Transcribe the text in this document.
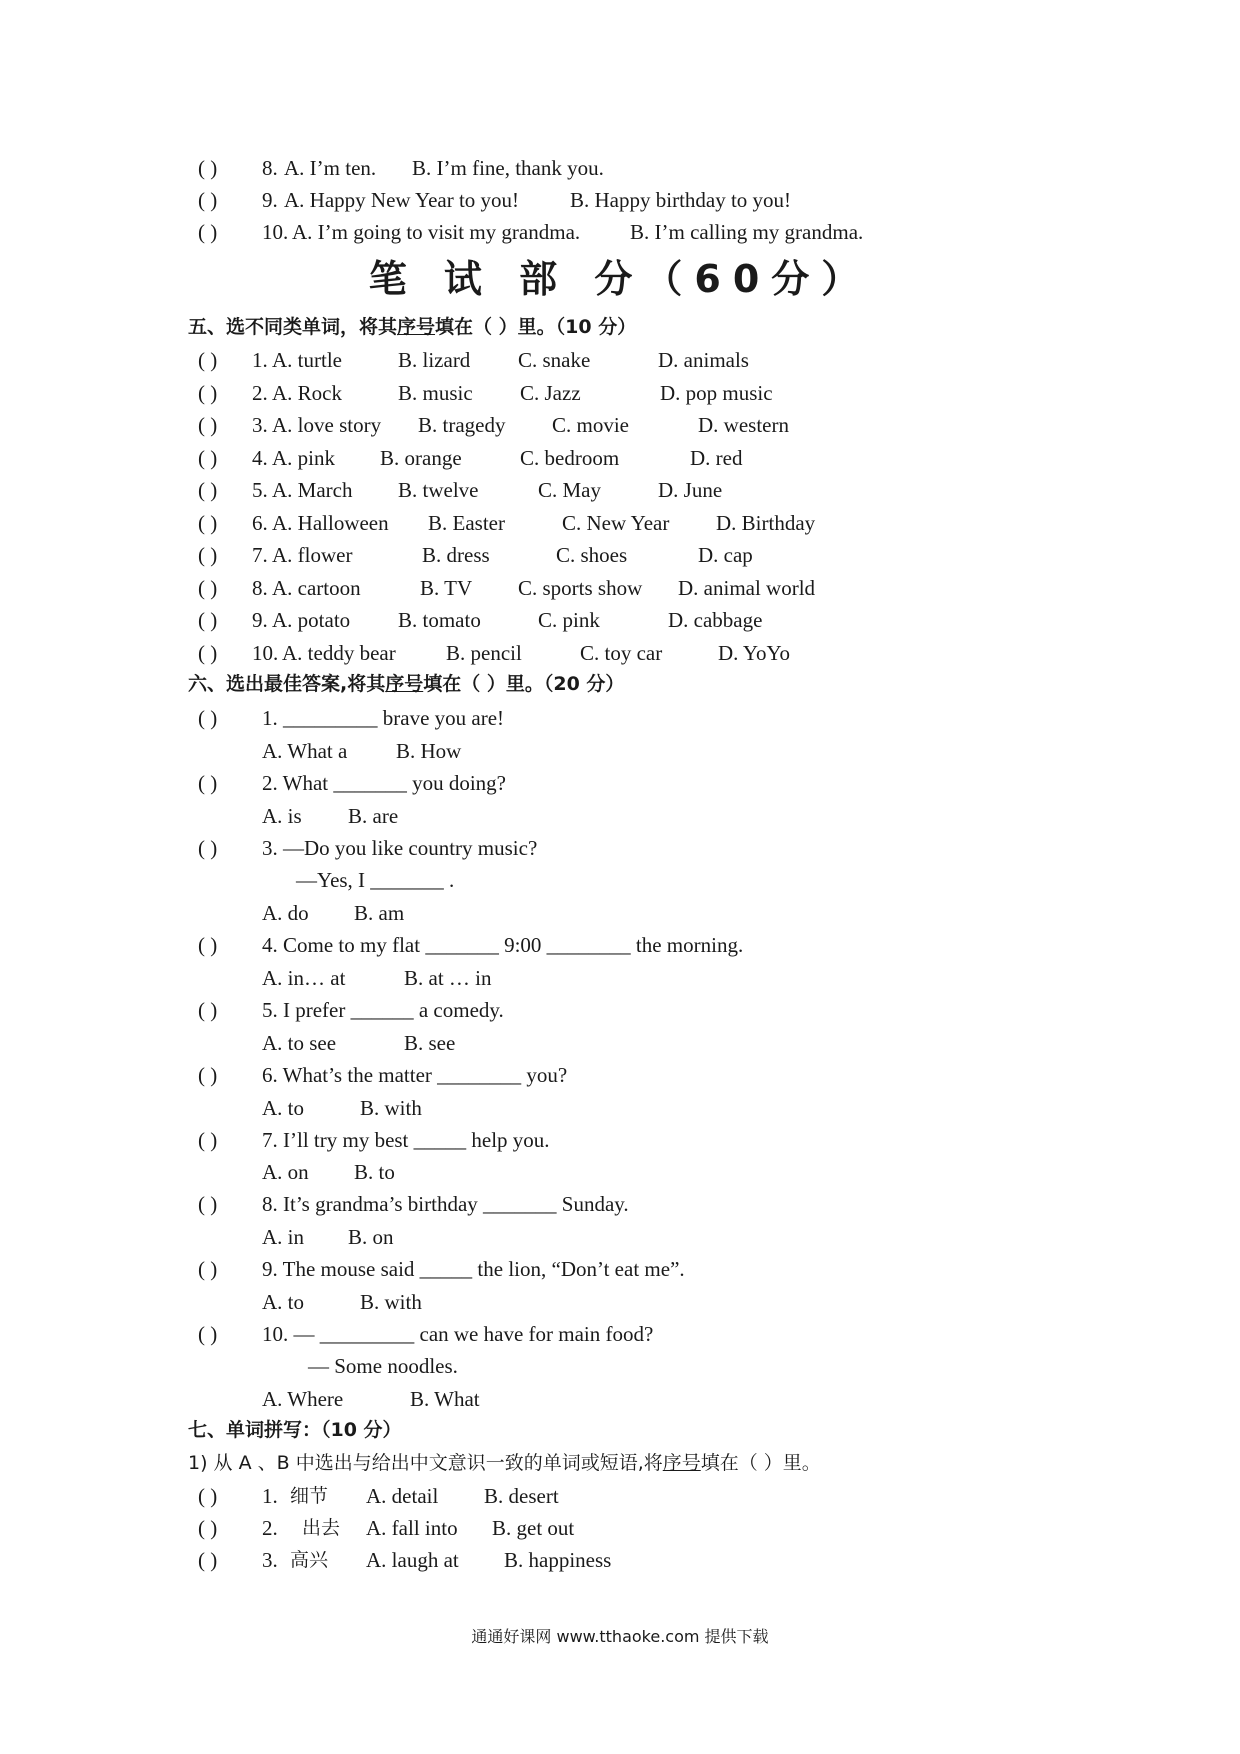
( ) 8. A. I’m ten. B. I’m fine, thank you.
( ) 9. A. Happy New Year to you! B. Happy birthday to you!
( ) 10. A. I’m going to visit my grandma. B. I’m calling my grandma.
笔 试 部 分（60分）
五、选不同类单词，将其序号填在（ ）里。（10 分）
( ) 1. A. turtle	B. lizard C. snake	D. animals
( ) 2. A. Rock	B. music C. Jazz	D. pop music
( ) 3. A. love story B. tragedy C. movie	D. western
( ) 4. A. pink B. orange	C. bedroom	D. red
( ) 5. A. March B. twelve	C. May	D. June
( ) 6. A. Halloween B. Easter	C. New Year D. Birthday
( ) 7. A. flower	B. dress	C. shoes	D. cap
( ) 8. A. cartoon	B. TV C. sports show D. animal world
( ) 9. A. potato B. tomato	C. pink	D. cabbage
( ) 10. A. teddy bear B. pencil	C. toy car	D. YoYo
六、选出最佳答案,将其序号填在（ ）里。（20 分）
( ) 1. _________ brave you are!
A. What a B. How
( ) 2. What _______ you doing?
A. is B. are
( ) 3. —Do you like country music?
—Yes, I _______ .
A. do B. am
( ) 4. Come to my flat _______ 9:00 ________ the morning.
A. in… at	B. at … in
( ) 5. I prefer ______ a comedy.
A. to see	B. see
( ) 6. What’s the matter ________ you?
A. to	B. with
( ) 7. I’ll try my best _____ help you.
A. on B. to
( ) 8. It’s grandma’s birthday _______ Sunday.
A. in B. on
( ) 9. The mouse said _____ the lion, “Don’t eat me”.
A. to	B. with
( ) 10. — _________ can we have for main food?
— Some noodles.
A. Where	B. What
七、单词拼写：（10 分）
1) 从 A 、B 中选出与给出中文意识一致的单词或短语,将序号填在（ ）里。
( ) 1. 细节 A. detail B. desert
( ) 2. 出去 A. fall into B. get out
( ) 3. 高兴 A. laugh at B. happiness
通通好课网 www.tthaoke.com 提供下载
